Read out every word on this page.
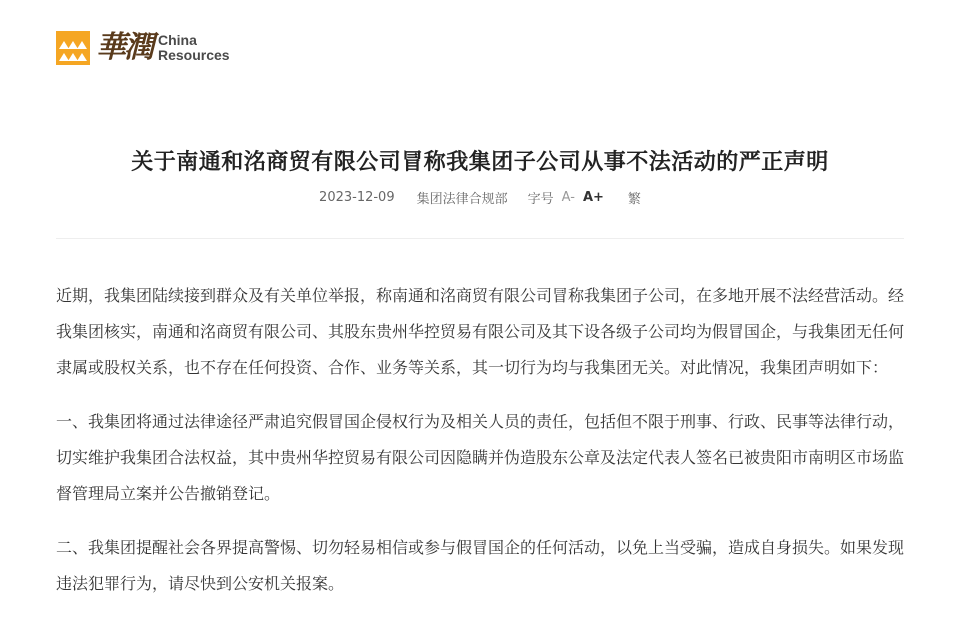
華潤 China
Resources
关于南通和洺商贸有限公司冒称我集团子公司从事不法活动的严正声明
2023-12-09 集团法律合规部 字号 A- A+ 繁

近期，我集团陆续接到群众及有关单位举报，称南通和洺商贸有限公司冒称我集团子公司，在多地开展不法经营活动。经我集团核实，南通和洺商贸有限公司、其股东贵州华控贸易有限公司及其下设各级子公司均为假冒国企，与我集团无任何隶属或股权关系，也不存在任何投资、合作、业务等关系，其一切行为均与我集团无关。对此情况，我集团声明如下：

一、我集团将通过法律途径严肃追究假冒国企侵权行为及相关人员的责任，包括但不限于刑事、行政、民事等法律行动，切实维护我集团合法权益，其中贵州华控贸易有限公司因隐瞒并伪造股东公章及法定代表人签名已被贵阳市南明区市场监督管理局立案并公告撤销登记。

二、我集团提醒社会各界提高警惕、切勿轻易相信或参与假冒国企的任何活动，以免上当受骗，造成自身损失。如果发现违法犯罪行为，请尽快到公安机关报案。
